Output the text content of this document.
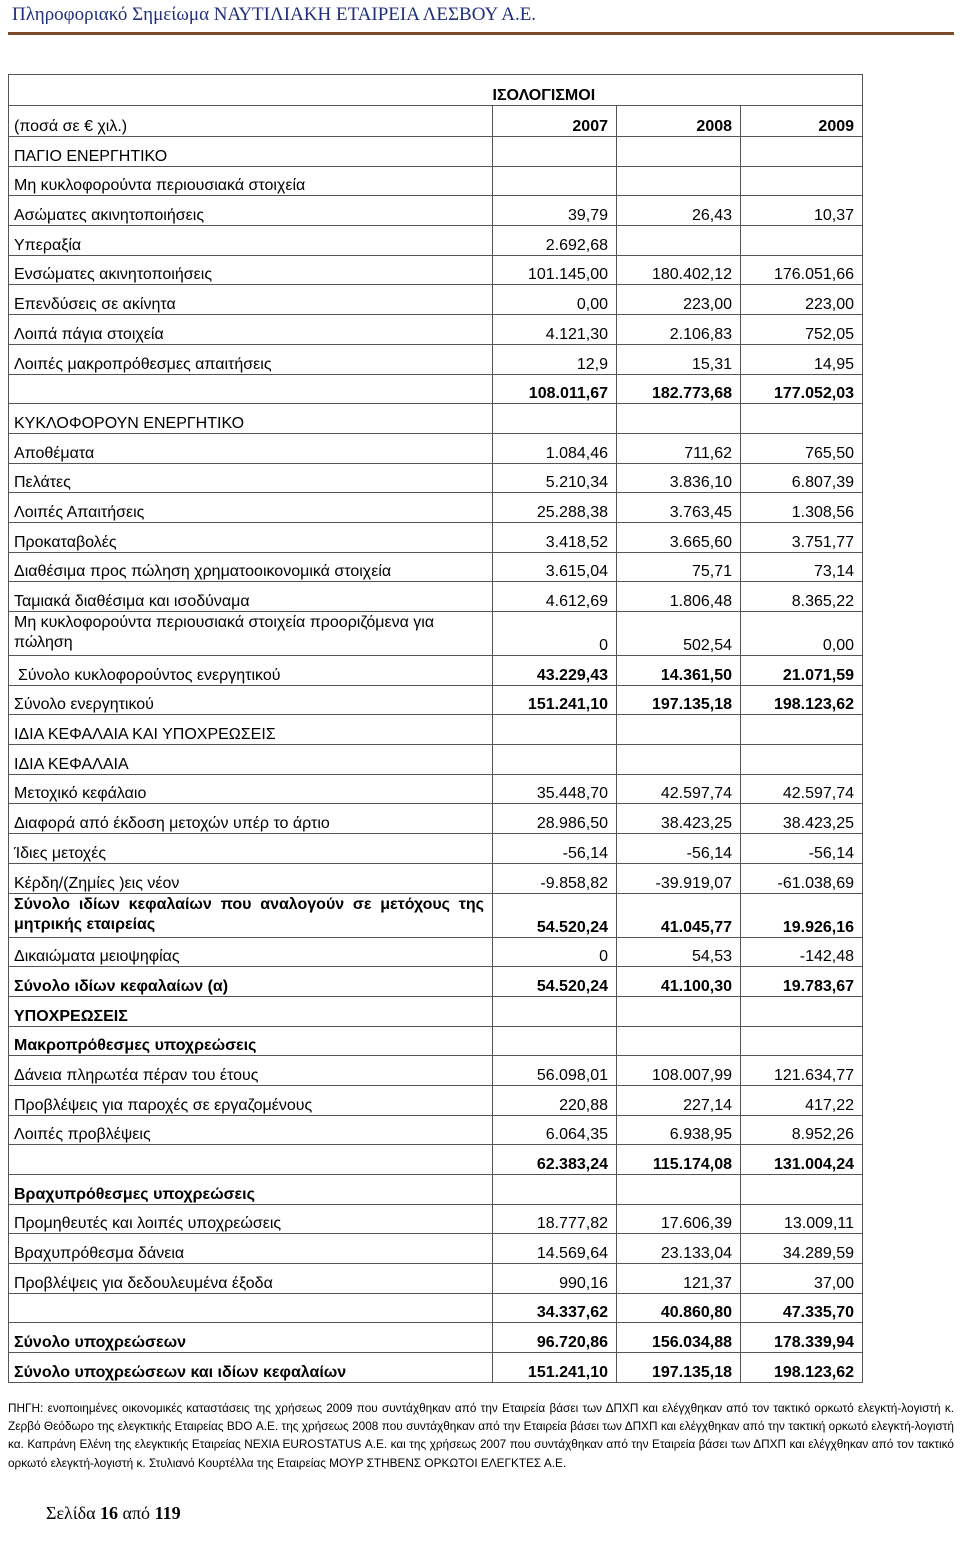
Πληροφοριακό Σημείωμα ΝΑΥΤΙΛΙΑΚΗ ΕΤΑΙΡΕΙΑ ΛΕΣΒΟΥ Α.Ε.
	ΙΣΟΛΟΓΙΣΜΟΙ		
(ποσά σε € χιλ.)	2007	2008	2009
ΠΑΓΙΟ ΕΝΕΡΓΗΤΙΚΟ			
Μη κυκλοφορούντα περιουσιακά στοιχεία			
Ασώματες ακινητοποιήσεις	39,79	26,43	10,37
Υπεραξία	2.692,68		
Ενσώματες ακινητοποιήσεις	101.145,00	180.402,12	176.051,66
Επενδύσεις σε ακίνητα	0,00	223,00	223,00
Λοιπά πάγια στοιχεία	4.121,30	2.106,83	752,05
Λοιπές μακροπρόθεσμες απαιτήσεις	12,9	15,31	14,95
	108.011,67	182.773,68	177.052,03
ΚΥΚΛΟΦΟΡΟΥΝ ΕΝΕΡΓΗΤΙΚΟ			
Αποθέματα	1.084,46	711,62	765,50
Πελάτες	5.210,34	3.836,10	6.807,39
Λοιπές Απαιτήσεις	25.288,38	3.763,45	1.308,56
Προκαταβολές	3.418,52	3.665,60	3.751,77
Διαθέσιμα προς πώληση χρηματοοικονομικά στοιχεία	3.615,04	75,71	73,14
Ταμιακά διαθέσιμα και ισοδύναμα	4.612,69	1.806,48	8.365,22
Μη κυκλοφορούντα περιουσιακά στοιχεία προοριζόμενα για πώληση	0	502,54	0,00
Σύνολο κυκλοφορούντος ενεργητικού	43.229,43	14.361,50	21.071,59
Σύνολο ενεργητικού	151.241,10	197.135,18	198.123,62
ΙΔΙΑ ΚΕΦΑΛΑΙΑ ΚΑΙ ΥΠΟΧΡΕΩΣΕΙΣ			
ΙΔΙΑ ΚΕΦΑΛΑΙΑ			
Μετοχικό κεφάλαιο	35.448,70	42.597,74	42.597,74
Διαφορά από έκδοση μετοχών υπέρ το άρτιο	28.986,50	38.423,25	38.423,25
Ίδιες μετοχές	-56,14	-56,14	-56,14
Κέρδη/(Ζημίες )εις νέον	-9.858,82	-39.919,07	-61.038,69
Σύνολο ιδίων κεφαλαίων που αναλογούν σε μετόχους της μητρικής εταιρείας	54.520,24	41.045,77	19.926,16
Δικαιώματα μειοψηφίας	0	54,53	-142,48
Σύνολο ιδίων κεφαλαίων (α)	54.520,24	41.100,30	19.783,67
ΥΠΟΧΡΕΩΣΕΙΣ			
Μακροπρόθεσμες υποχρεώσεις			
Δάνεια πληρωτέα πέραν του έτους	56.098,01	108.007,99	121.634,77
Προβλέψεις για παροχές σε εργαζομένους	220,88	227,14	417,22
Λοιπές προβλέψεις	6.064,35	6.938,95	8.952,26
	62.383,24	115.174,08	131.004,24
Βραχυπρόθεσμες υποχρεώσεις			
Προμηθευτές και λοιπές υποχρεώσεις	18.777,82	17.606,39	13.009,11
Βραχυπρόθεσμα δάνεια	14.569,64	23.133,04	34.289,59
Προβλέψεις για δεδουλευμένα έξοδα	990,16	121,37	37,00
	34.337,62	40.860,80	47.335,70
Σύνολο υποχρεώσεων	96.720,86	156.034,88	178.339,94
Σύνολο υποχρεώσεων και ιδίων κεφαλαίων	151.241,10	197.135,18	198.123,62

ΠΗΓΗ: ενοποιημένες οικονομικές καταστάσεις της χρήσεως 2009 που συντάχθηκαν από την Εταιρεία βάσει των ΔΠΧΠ και ελέγχθηκαν από τον τακτικό ορκωτό ελεγκτή-λογιστή κ. Ζερβό Θεόδωρο της ελεγκτικής Εταιρείας BDO Α.Ε. της χρήσεως 2008 που συντάχθηκαν από την Εταιρεία βάσει των ΔΠΧΠ και ελέγχθηκαν από την τακτική ορκωτό ελεγκτή-λογιστή κα. Καπράνη Ελένη της ελεγκτικής Εταιρείας NEXIA EUROSTATUS Α.Ε. και της χρήσεως 2007 που συντάχθηκαν από την Εταιρεία βάσει των ΔΠΧΠ και ελέγχθηκαν από τον τακτικό ορκωτό ελεγκτή-λογιστή κ. Στυλιανό Κουρτέλλα της Εταιρείας ΜΟΥΡ ΣΤΗΒΕΝΣ ΟΡΚΩΤΟΙ ΕΛΕΓΚΤΕΣ Α.Ε.

Σελίδα 16 από 119
